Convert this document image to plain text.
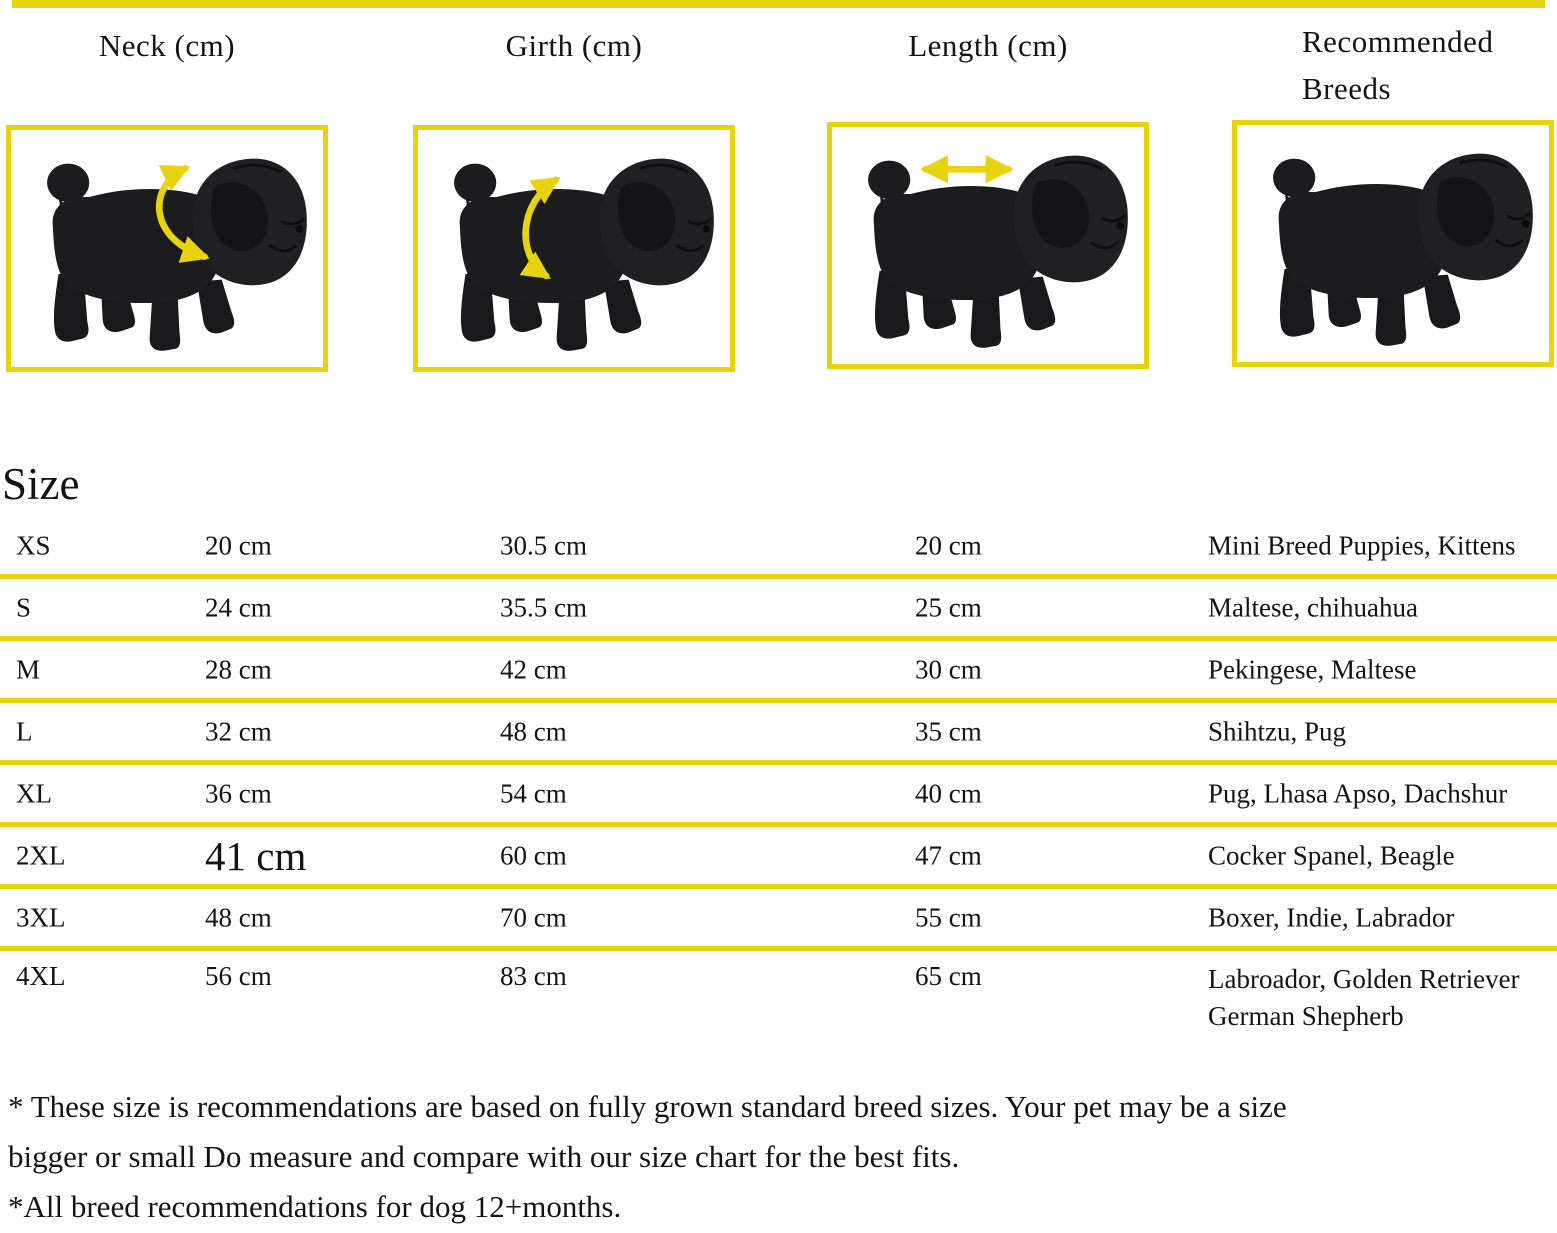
Neck (cm)	Girth (cm)	Length (cm)	Recommended Breeds
Size
XS	20 cm	30.5 cm	20 cm	Mini Breed Puppies, Kittens
S	24 cm	35.5 cm	25 cm	Maltese, chihuahua
M	28 cm	42 cm	30 cm	Pekingese, Maltese
L	32 cm	48 cm	35 cm	Shihtzu, Pug
XL	36 cm	54 cm	40 cm	Pug, Lhasa Apso, Dachshur
2XL	41 cm	60 cm	47 cm	Cocker Spanel, Beagle
3XL	48 cm	70 cm	55 cm	Boxer, Indie, Labrador
4XL	56 cm	83 cm	65 cm	Labroador, Golden Retriever German Shepherb
* These size is recommendations are based on fully grown standard breed sizes. Your pet may be a size
bigger or small Do measure and compare with our size chart for the best fits.
*All breed recommendations for dog 12+months.
